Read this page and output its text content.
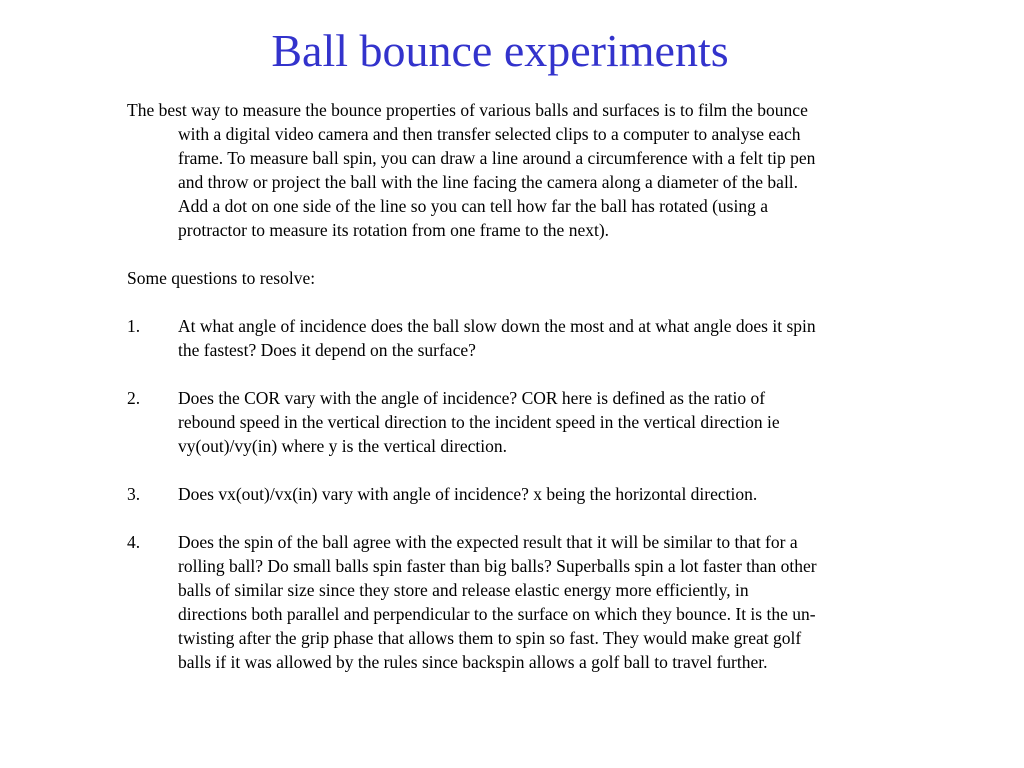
Ball bounce experiments

The best way to measure the bounce properties of various balls and surfaces is to film the bounce with a digital video camera and then transfer selected clips to a computer to analyse each frame. To measure ball spin, you can draw a line around a circumference with a felt tip pen and throw or project the ball with the line facing the camera along a diameter of the ball. Add a dot on one side of the line so you can tell how far the ball has rotated (using a protractor to measure its rotation from one frame to the next).

Some questions to resolve:

1.	At what angle of incidence does the ball slow down the most and at what angle does it spin the fastest? Does it depend on the surface?
2.	Does the COR vary with the angle of incidence? COR here is defined as the ratio of rebound speed in the vertical direction to the incident speed in the vertical direction ie vy(out)/vy(in) where y is the vertical direction.
3.	Does vx(out)/vx(in) vary with angle of incidence? x being the horizontal direction.
4.	Does the spin of the ball agree with the expected result that it will be similar to that for a rolling ball? Do small balls spin faster than big balls? Superballs spin a lot faster than other balls of similar size since they store and release elastic energy more efficiently, in directions both parallel and perpendicular to the surface on which they bounce. It is the un-twisting after the grip phase that allows them to spin so fast. They would make great golf balls if it was allowed by the rules since backspin allows a golf ball to travel further.
